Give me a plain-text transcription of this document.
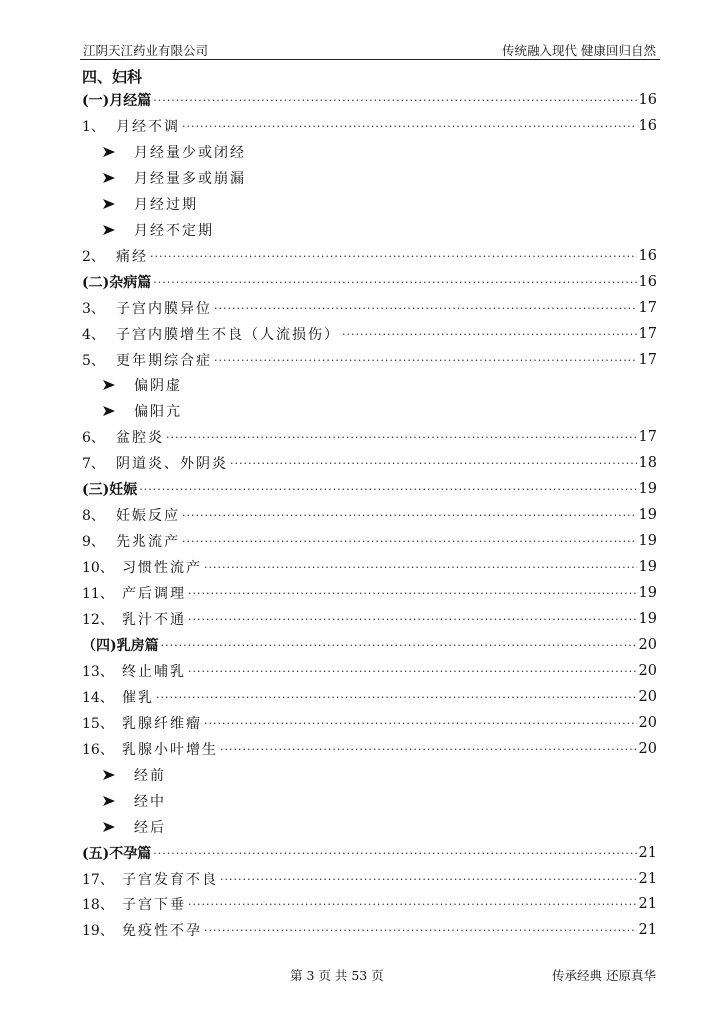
江阴天江药业有限公司	传统融入现代 健康回归自然
四、妇科
(一)月经篇 ·····	16
1、 月经不调 ·····	16
月经量少或闭经
月经量多或崩漏
月经过期
月经不定期
2、 痛经 ·····	16
(二)杂病篇 ·····	16
3、 子宫内膜异位 ·····	17
4、 子宫内膜增生不良（人流损伤） ·····	17
5、 更年期综合症 ·····	17
偏阴虚
偏阳亢
6、 盆腔炎 ·····	17
7、 阴道炎、外阴炎 ·····	18
(三)妊娠 ·····	19
8、 妊娠反应 ·····	19
9、 先兆流产 ·····	19
10、 习惯性流产 ·····	19
11、 产后调理 ·····	19
12、 乳汁不通 ·····	19
（四)乳房篇 ·····	20
13、 终止哺乳 ·····	20
14、 催乳 ·····	20
15、 乳腺纤维瘤 ·····	20
16、 乳腺小叶增生 ·····	20
经前
经中
经后
(五)不孕篇 ·····	21
17、 子宫发育不良 ·····	21
18、 子宫下垂 ·····	21
19、 免疫性不孕 ·····	21
第 3 页 共 53 页	传承经典 还原真华
